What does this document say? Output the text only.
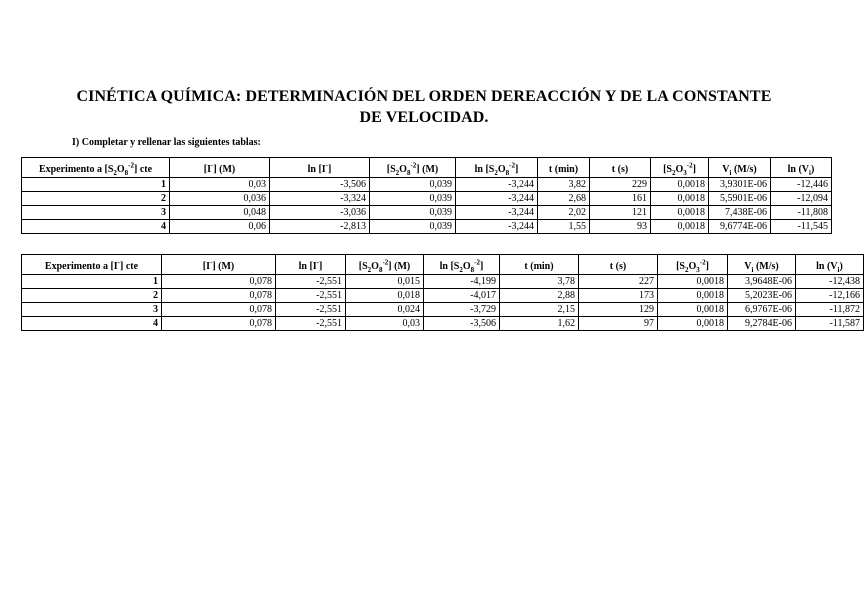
CINÉTICA QUÍMICA: DETERMINACIÓN DEL ORDEN DEREACCIÓN Y DE LA CONSTANTE
DE VELOCIDAD.
I) Completar y rellenar las siguientes tablas:
Experimento a $[S_2O_8^{-2}]$ cte	[I-] (M)	ln [I-]	$[S_2O_8^{-2}]$ (M)	$\ln [S_2O_8^{-2}]$	t (min)	t (s)	$[S_2O_3^{-2}]$	$V_i$ (M/s)	$\ln (V_i)$
1	0,03	-3,506	0,039	-3,244	3,82	229	0,0018	3,9301E-06	-12,446
2	0,036	-3,324	0,039	-3,244	2,68	161	0,0018	5,5901E-06	-12,094
3	0,048	-3,036	0,039	-3,244	2,02	121	0,0018	7,438E-06	-11,808
4	0,06	-2,813	0,039	-3,244	1,55	93	0,0018	9,6774E-06	-11,545
Experimento a [I-] cte	[I-] (M)	ln [I-]	$[S_2O_8^{-2}]$ (M)	$\ln [S_2O_8^{-2}]$	t (min)	t (s)	$[S_2O_3^{-2}]$	$V_i$ (M/s)	$\ln (V_i)$
1	0,078	-2,551	0,015	-4,199	3,78	227	0,0018	3,9648E-06	-12,438
2	0,078	-2,551	0,018	-4,017	2,88	173	0,0018	5,2023E-06	-12,166
3	0,078	-2,551	0,024	-3,729	2,15	129	0,0018	6,9767E-06	-11,872
4	0,078	-2,551	0,03	-3,506	1,62	97	0,0018	9,2784E-06	-11,587
